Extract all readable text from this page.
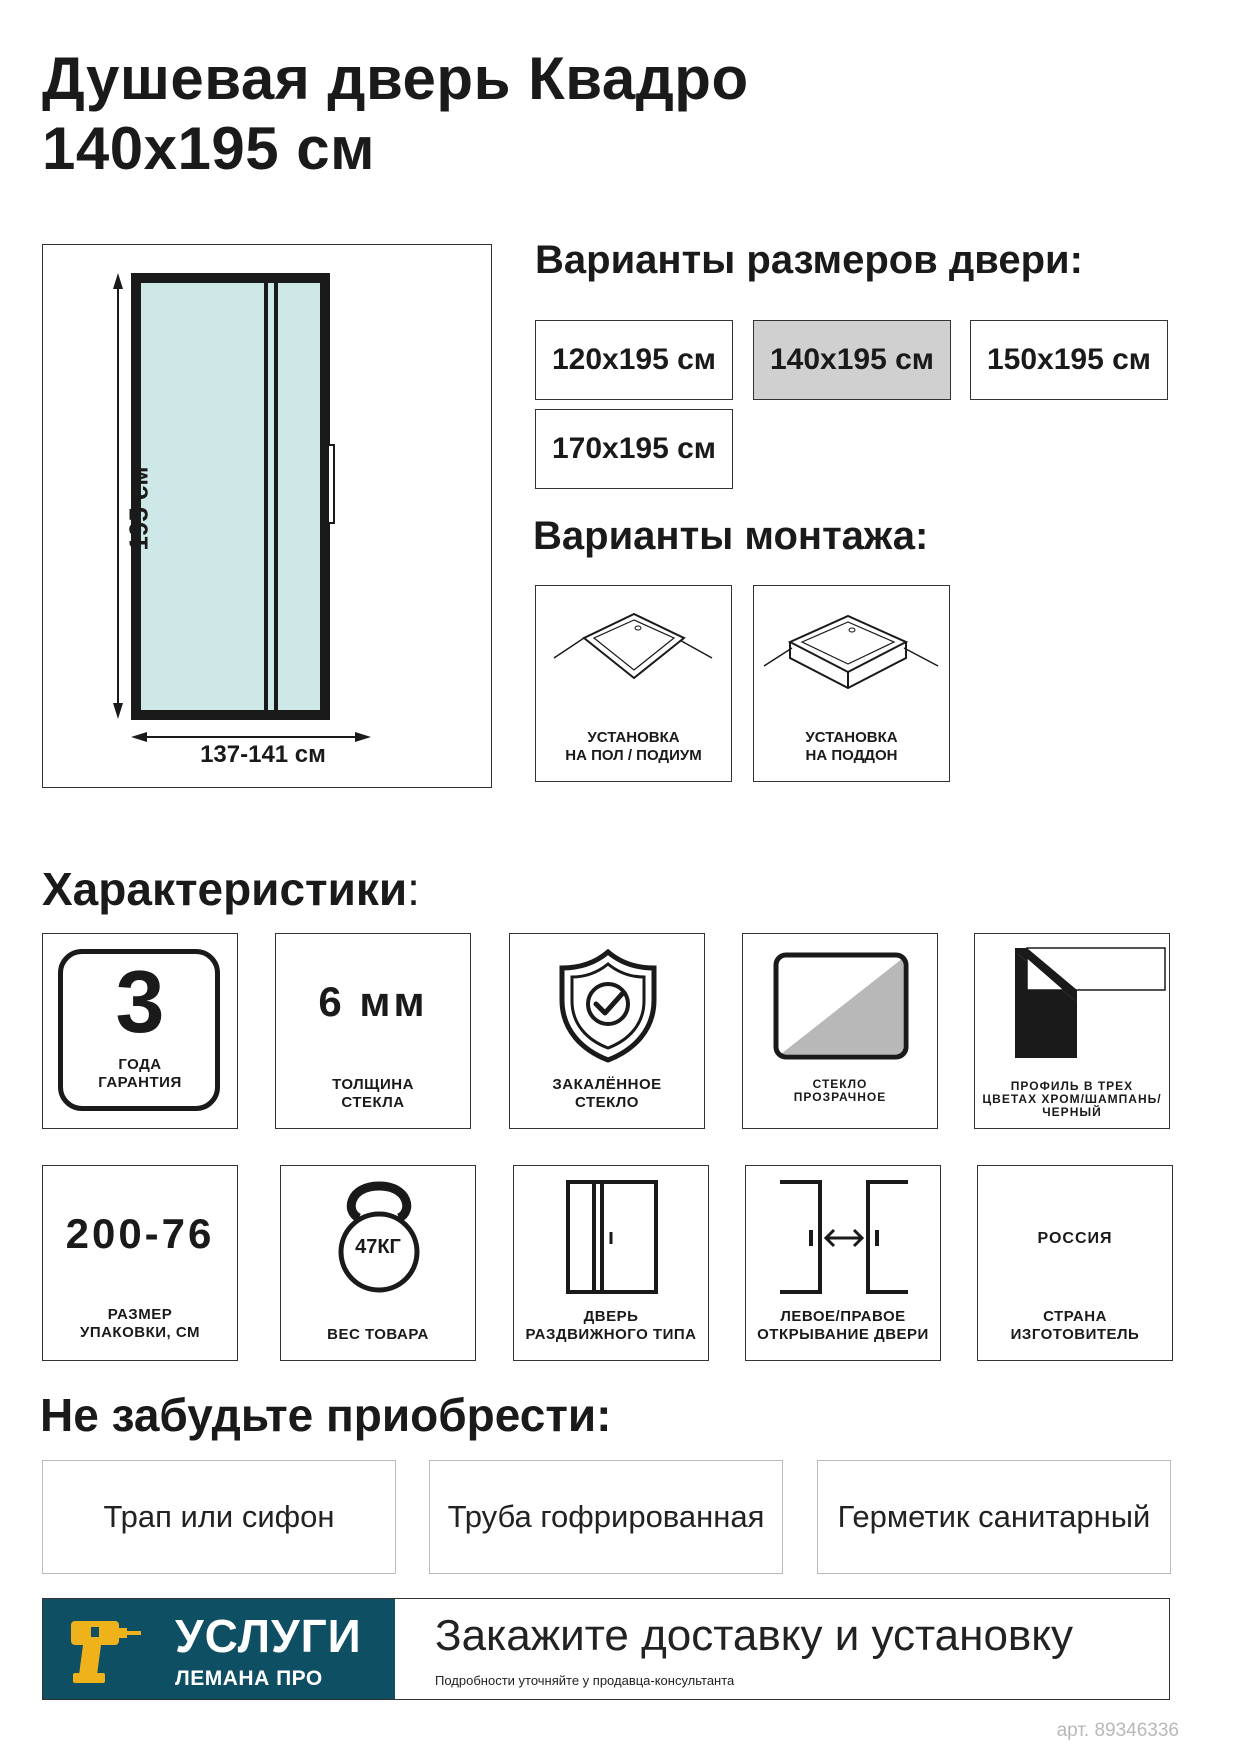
Душевая дверь Квадро
140x195 см
195 см
137-141 см
Варианты размеров двери:
120x195 см	140x195 см	150x195 см
170x195 см
Варианты монтажа:
УСТАНОВКА
НА ПОЛ / ПОДИУМ
УСТАНОВКА
НА ПОДДОН
Характеристики:
3
ГОДА
ГАРАНТИЯ
6 мм
ТОЛЩИНА
СТЕКЛА
ЗАКАЛЁННОЕ
СТЕКЛО
СТЕКЛО
ПРОЗРАЧНОЕ
ПРОФИЛЬ В ТРЕХ
ЦВЕТАХ ХРОМ/ШАМПАНЬ/
ЧЕРНЫЙ
200-76
РАЗМЕР
УПАКОВКИ, СМ
47КГ
ВЕС ТОВАРА
ДВЕРЬ
РАЗДВИЖНОГО ТИПА
ЛЕВОЕ/ПРАВОЕ
ОТКРЫВАНИЕ ДВЕРИ
РОССИЯ
СТРАНА
ИЗГОТОВИТЕЛЬ
Не забудьте приобрести:
Трап или сифон	Труба гофрированная	Герметик санитарный
УСЛУГИ
ЛЕМАНА ПРО
Закажите доставку и установку
Подробности уточняйте у продавца-консультанта
арт. 89346336
